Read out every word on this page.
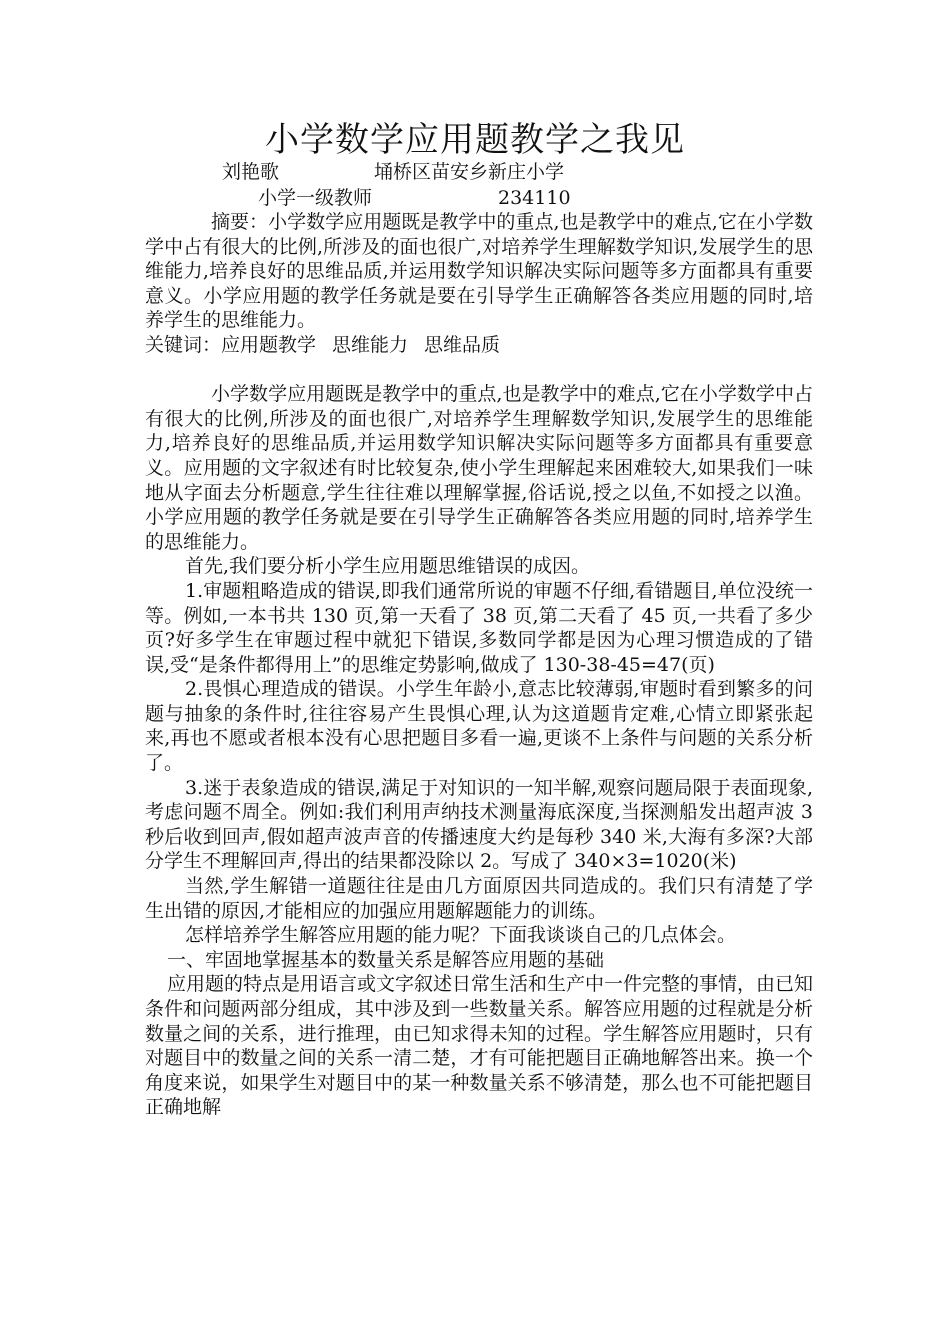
小学数学应用题教学之我见
刘艳歌	埇桥区苗安乡新庄小学
小学一级教师	234110

摘要：小学数学应用题既是教学中的重点,也是教学中的难点,它在小学数学中占有很大的比例,所涉及的面也很广,对培养学生理解数学知识,发展学生的思维能力,培养良好的思维品质,并运用数学知识解决实际问题等多方面都具有重要意义。小学应用题的教学任务就是要在引导学生正确解答各类应用题的同时,培养学生的思维能力。

关键词：应用题教学 思维能力 思维品质

小学数学应用题既是教学中的重点,也是教学中的难点,它在小学数学中占有很大的比例,所涉及的面也很广,对培养学生理解数学知识,发展学生的思维能力,培养良好的思维品质,并运用数学知识解决实际问题等多方面都具有重要意义。应用题的文字叙述有时比较复杂,使小学生理解起来困难较大,如果我们一味地从字面去分析题意,学生往往难以理解掌握,俗话说,授之以鱼,不如授之以渔。小学应用题的教学任务就是要在引导学生正确解答各类应用题的同时,培养学生的思维能力。

首先,我们要分析小学生应用题思维错误的成因。

1.审题粗略造成的错误,即我们通常所说的审题不仔细,看错题目,单位没统一等。例如,一本书共 130 页,第一天看了 38 页,第二天看了 45 页,一共看了多少页?好多学生在审题过程中就犯下错误,多数同学都是因为心理习惯造成的了错误,受“是条件都得用上”的思维定势影响,做成了 130-38-45=47(页)

2.畏惧心理造成的错误。小学生年龄小,意志比较薄弱,审题时看到繁多的问题与抽象的条件时,往往容易产生畏惧心理,认为这道题肯定难,心情立即紧张起来,再也不愿或者根本没有心思把题目多看一遍,更谈不上条件与问题的关系分析了。

3.迷于表象造成的错误,满足于对知识的一知半解,观察问题局限于表面现象,考虑问题不周全。例如:我们利用声纳技术测量海底深度,当探测船发出超声波 3 秒后收到回声,假如超声波声音的传播速度大约是每秒 340 米,大海有多深?大部分学生不理解回声,得出的结果都没除以 2。写成了 340×3=1020(米)

当然,学生解错一道题往往是由几方面原因共同造成的。我们只有清楚了学生出错的原因,才能相应的加强应用题解题能力的训练。

怎样培养学生解答应用题的能力呢？下面我谈谈自己的几点体会。

一、牢固地掌握基本的数量关系是解答应用题的基础

应用题的特点是用语言或文字叙述日常生活和生产中一件完整的事情，由已知条件和问题两部分组成，其中涉及到一些数量关系。解答应用题的过程就是分析数量之间的关系，进行推理，由已知求得未知的过程。学生解答应用题时，只有对题目中的数量之间的关系一清二楚，才有可能把题目正确地解答出来。换一个角度来说，如果学生对题目中的某一种数量关系不够清楚，那么也不可能把题目正确地解
